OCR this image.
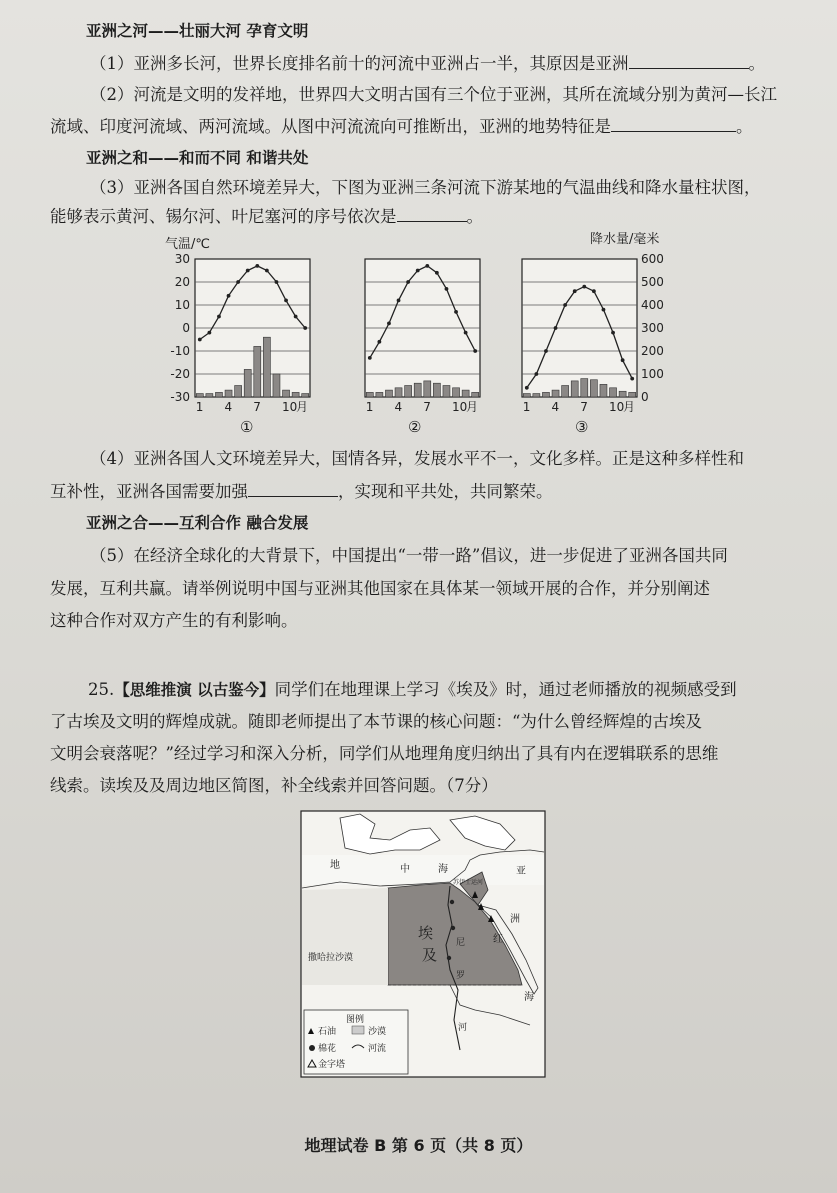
亚洲之河——壮丽大河 孕育文明
（1）亚洲多长河，世界长度排名前十的河流中亚洲占一半，其原因是亚洲	。
（2）河流是文明的发祥地，世界四大文明古国有三个位于亚洲，其所在流域分别为黄河—长江
流域、印度河流域、两河流域。从图中河流流向可推断出，亚洲的地势特征是	。
亚洲之和——和而不同 和谐共处
（3）亚洲各国自然环境差异大，下图为亚洲三条河流下游某地的气温曲线和降水量柱状图，
能够表示黄河、锡尔河、叶尼塞河的序号依次是	。
气温/℃	降水量/毫米
1 4 7 10
月	1 4 7 10
月	1 4 7 10
月
30
20
10
0
-10
-20
-30
600
500
400
300
200
100
0
①	②	③
（4）亚洲各国人文环境差异大，国情各异，发展水平不一，文化多样。正是这种多样性和
互补性，亚洲各国需要加强	，实现和平共处，共同繁荣。
亚洲之合——互利合作 融合发展
（5）在经济全球化的大背景下，中国提出“一带一路”倡议，进一步促进了亚洲各国共同
发展，互利共赢。请举例说明中国与亚洲其他国家在具体某一领域开展的合作，并分别阐述
这种合作对双方产生的有利影响。
25.【思维推演 以古鉴今】同学们在地理课上学习《埃及》时，通过老师播放的视频感受到
了古埃及文明的辉煌成就。随即老师提出了本节课的核心问题：“为什么曾经辉煌的古埃及
文明会衰落呢？”经过学习和深入分析，同学们从地理角度归纳出了具有内在逻辑联系的思维
线索。读埃及及周边地区简图，补全线索并回答问题。（7分）
地	中	海
苏伊士运河
亚
洲
埃
及
红
海
撒哈拉沙漠
尼
罗
河
图例
石油	沙漠
棉花	河流
金字塔
地理试卷 B 第 6 页（共 8 页）
